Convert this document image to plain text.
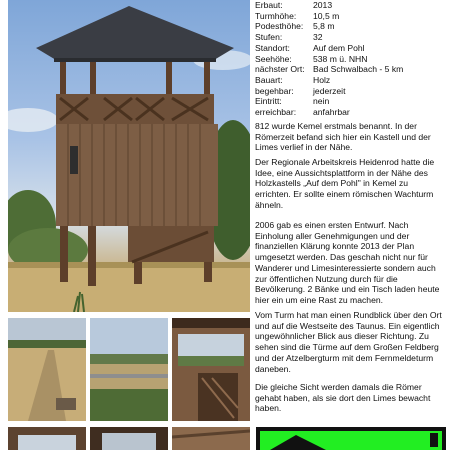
Erbaut:	2013
Turmhöhe:	10,5 m
Podesthöhe:	5,8 m
Stufen:	32
Standort:	Auf dem Pohl
Seehöhe:	538 m ü. NHN
nächster Ort: Bad Schwalbach - 5 km
Bauart:	Holz
begehbar:	jederzeit
Eintritt:	nein
erreichbar:	anfahrbar

812 wurde Kemel erstmals benannt. In der Römerzeit befand sich hier ein Kastell und der Limes verlief in der Nähe.

Der Regionale Arbeitskreis Heidenrod hatte die Idee, eine Aussichtsplattform in der Nähe des Holzkastells „Auf dem Pohl" in Kemel zu errichten. Er sollte einem römischen Wachturm ähneln.

2006 gab es einen ersten Entwurf. Nach Einholung aller Genehmigungen und der finanziellen Klärung konnte 2013 der Plan umgesetzt werden. Das geschah nicht nur für Wanderer und Limesinteressierte sondern auch zur öffentlichen Nutzung durch für die Bevölkerung. 2 Bänke und ein Tisch laden heute hier ein um eine Rast zu machen.

Vom Turm hat man einen Rundblick über den Ort und auf die Westseite des Taunus. Ein eigentlich ungewöhnlicher Blick aus dieser Richtung. Zu sehen sind die Türme auf dem Großen Feldberg und der Atzelbergturm mit dem Fernmeldeturm daneben.

Die gleiche Sicht werden damals die Römer gehabt haben, als sie dort den Limes bewacht haben.
